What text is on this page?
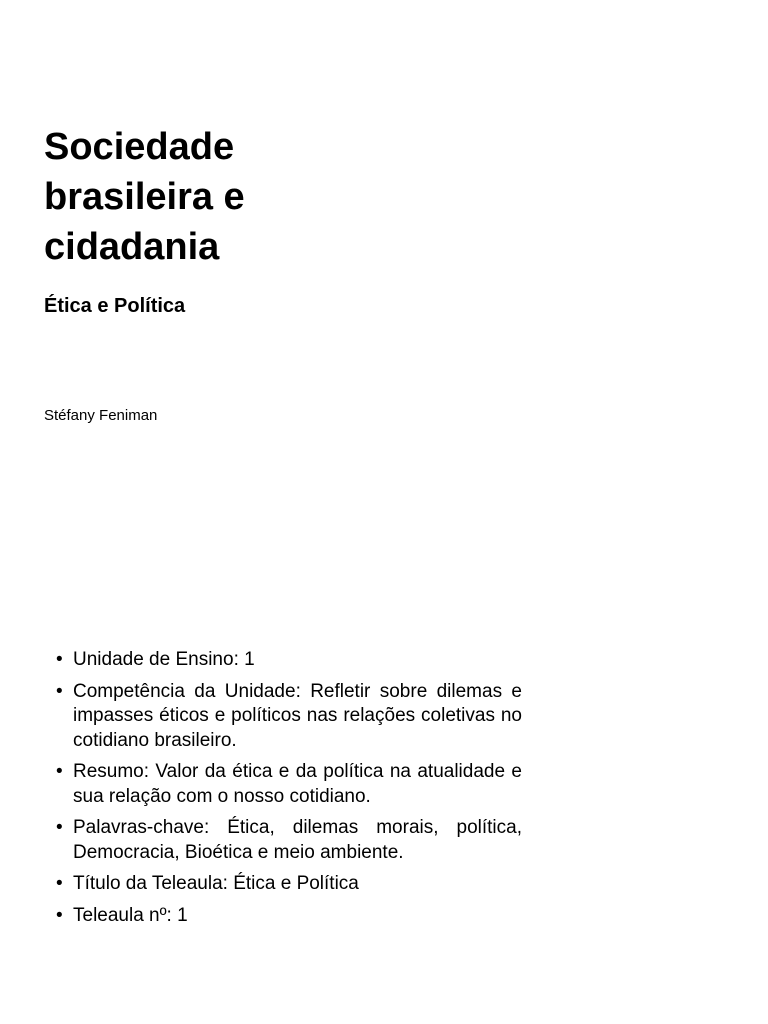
Sociedade brasileira e cidadania
Ética e Política

Stéfany Feniman

• Unidade de Ensino: 1
• Competência da Unidade: Refletir sobre dilemas e impasses éticos e políticos nas relações coletivas no cotidiano brasileiro.
• Resumo: Valor da ética e da política na atualidade e sua relação com o nosso cotidiano.
• Palavras-chave: Ética, dilemas morais, política, Democracia, Bioética e meio ambiente.
• Título da Teleaula: Ética e Política
• Teleaula nº: 1
